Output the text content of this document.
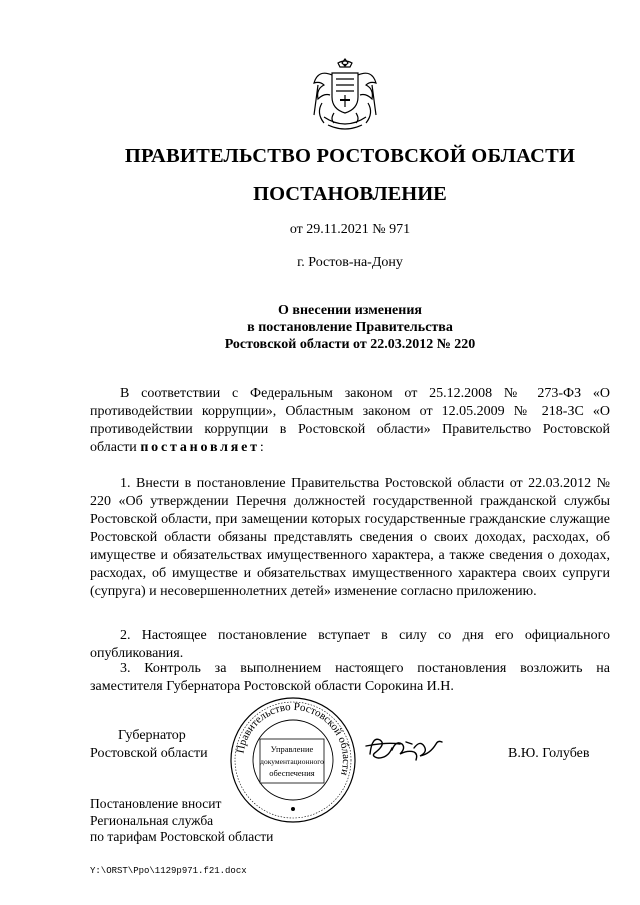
ПРАВИТЕЛЬСТВО РОСТОВСКОЙ ОБЛАСТИ
ПОСТАНОВЛЕНИЕ
от 29.11.2021 № 971
г. Ростов-на-Дону
О внесении изменения
в постановление Правительства
Ростовской области от 22.03.2012 № 220
В соответствии с Федеральным законом от 25.12.2008 № 273-ФЗ «О противодействии коррупции», Областным законом от 12.05.2009 № 218-ЗС «О противодействии коррупции в Ростовской области» Правительство Ростовской области постановляет:
1. Внести в постановление Правительства Ростовской области от 22.03.2012 № 220 «Об утверждении Перечня должностей государственной гражданской службы Ростовской области, при замещении которых государственные гражданские служащие Ростовской области обязаны представлять сведения о своих доходах, расходах, об имуществе и обязательствах имущественного характера, а также сведения о доходах, расходах, об имуществе и обязательствах имущественного характера своих супруги (супруга) и несовершеннолетних детей» изменение согласно приложению.
2. Настоящее постановление вступает в силу со дня его официального опубликования.
3. Контроль за выполнением настоящего постановления возложить на заместителя Губернатора Ростовской области Сорокина И.Н.
Губернатор
Ростовской области Правительство Ростовской области
Управление
документационного
обеспечения
В.Ю. Голубев
Постановление вносит
Региональная служба
по тарифам Ростовской области
Y:\ORST\Ppo\1129p971.f21.docx
